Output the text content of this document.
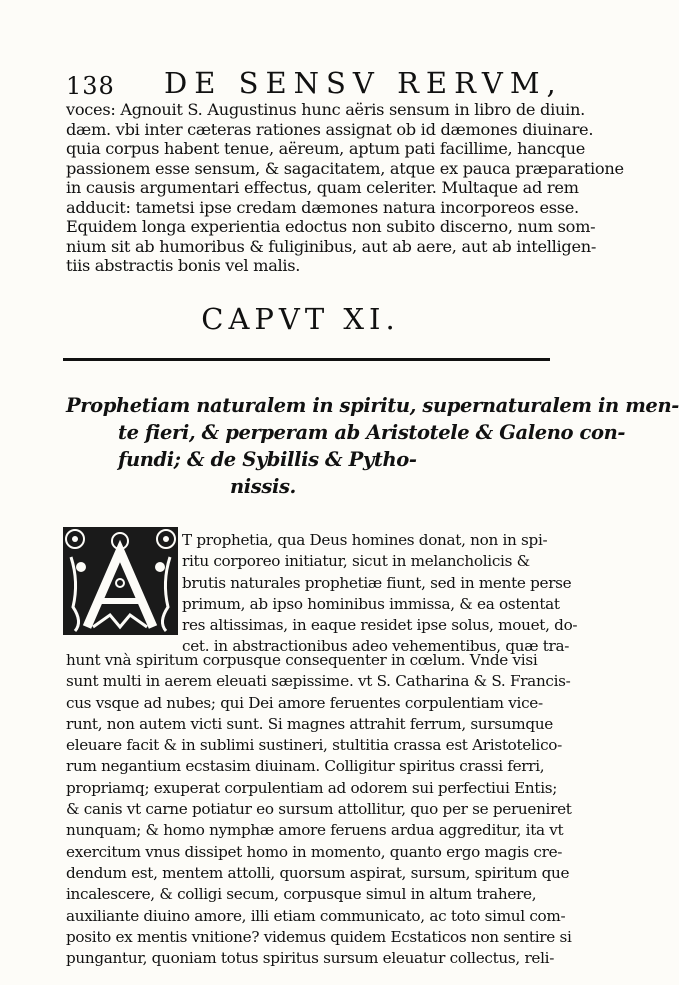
138 DE SENSV RERVM,
voces: Agnouit S. Augustinus hunc aëris sensum in libro de diuin.
dæm. vbi inter cæteras rationes assignat ob id dæmones diuinare.
quia corpus habent tenue, aëreum, aptum pati facillime, hancque
passionem esse sensum, & sagacitatem, atque ex pauca præparatione
in causis argumentari effectus, quam celeriter. Multaque ad rem
adducit: tametsi ipse credam dæmones natura incorporeos esse.
Equidem longa experientia edoctus non subito discerno, num som-
nium sit ab humoribus & fuliginibus, aut ab aere, aut ab intelligen-
tiis abstractis bonis vel malis.
CAPVT XI.
Prophetiam naturalem in spiritu, supernaturalem in men-
te fieri, & perperam ab Aristotele & Galeno con-
fundi; & de Sybillis & Pytho-
nissis.
T prophetia, qua Deus homines donat, non in spi-
ritu corporeo initiatur, sicut in melancholicis &
brutis naturales prophetiæ fiunt, sed in mente perse
primum, ab ipso hominibus immissa, & ea ostentat
res altissimas, in eaque residet ipse solus, mouet, do-
cet. in abstractionibus adeo vehementibus, quæ tra-
hunt vnà spiritum corpusque consequenter in cœlum. Vnde visi
sunt multi in aerem eleuati sæpissime. vt S. Catharina & S. Francis-
cus vsque ad nubes; qui Dei amore feruentes corpulentiam vice-
runt, non autem victi sunt. Si magnes attrahit ferrum, sursumque
eleuare facit & in sublimi sustineri, stultitia crassa est Aristotelico-
rum negantium ecstasim diuinam. Colligitur spiritus crassi ferri,
propriamq; exuperat corpulentiam ad odorem sui perfectiui Entis;
& canis vt carne potiatur eo sursum attollitur, quo per se perueniret
nunquam; & homo nymphæ amore feruens ardua aggreditur, ita vt
exercitum vnus dissipet homo in momento, quanto ergo magis cre-
dendum est, mentem attolli, quorsum aspirat, sursum, spiritum que
incalescere, & colligi secum, corpusque simul in altum trahere,
auxiliante diuino amore, illi etiam communicato, ac toto simul com-
posito ex mentis vnitione? videmus quidem Ecstaticos non sentire si
pungantur, quoniam totus spiritus sursum eleuatur collectus, reli-
